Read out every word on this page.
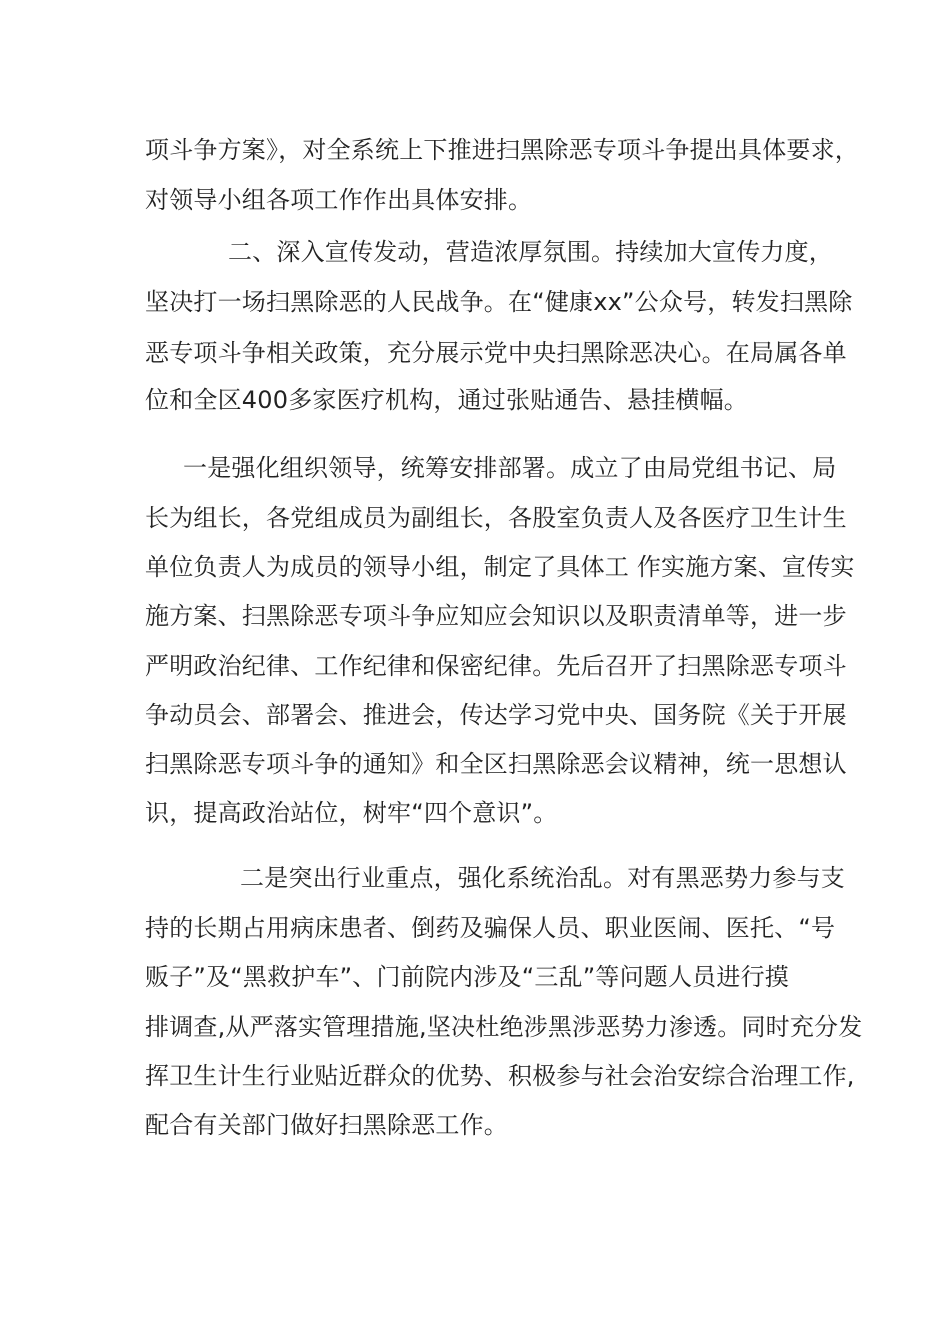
项斗争方案》，对全系统上下推进扫黑除恶专项斗争提出具体要求，
对领导小组各项工作作出具体安排。
二、深入宣传发动，营造浓厚氛围。持续加大宣传力度，
坚决打一场扫黑除恶的人民战争。在“健康xx”公众号，转发扫黑除
恶专项斗争相关政策，充分展示党中央扫黑除恶决心。在局属各单
位和全区400多家医疗机构，通过张贴通告、悬挂横幅。
一是强化组织领导，统筹安排部署。成立了由局党组书记、局
长为组长，各党组成员为副组长，各股室负责人及各医疗卫生计生
单位负责人为成员的领导小组，制定了具体工 作实施方案、宣传实
施方案、扫黑除恶专项斗争应知应会知识以及职责清单等，进一步
严明政治纪律、工作纪律和保密纪律。先后召开了扫黑除恶专项斗
争动员会、部署会、推进会，传达学习党中央、国务院《关于开展
扫黑除恶专项斗争的通知》和全区扫黑除恶会议精神，统一思想认
识，提高政治站位，树牢“四个意识”。
二是突出行业重点，强化系统治乱。对有黑恶势力参与支
持的长期占用病床患者、倒药及骗保人员、职业医闹、医托、“号
贩子”及“黑救护车”、门前院内涉及“三乱”等问题人员进行摸
排调查,从严落实管理措施,坚决杜绝涉黑涉恶势力渗透。同时充分发
挥卫生计生行业贴近群众的优势、积极参与社会治安综合治理工作,
配合有关部门做好扫黑除恶工作。
